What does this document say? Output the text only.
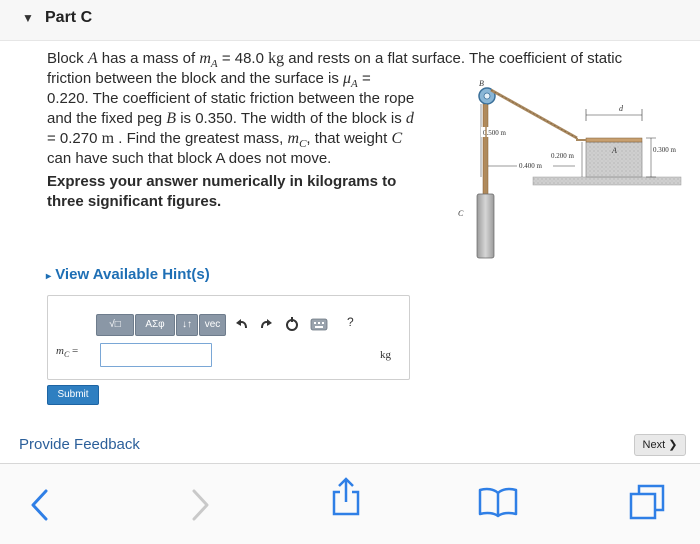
▼ Part C
Block A has a mass of $m_A = 48.0$ kg and rests on a flat surface. The coefficient of static
friction between the block and the surface is $\mu_A$ =
0.220. The coefficient of static friction between the rope
and the fixed peg B is 0.350. The width of the block is d
= 0.270 m . Find the greatest mass, $m_C$, that weight C
can have such that block A does not move.
Express your answer numerically in kilograms to
three significant figures.
B
A
d
0.500 m
0.200 m
0.400 m
0.300 m
C
▸ View Available Hint(s)
√□	ΑΣφ	↓↑	vec	?
$m_C$ =	kg
Submit
Provide Feedback	Next ❯
